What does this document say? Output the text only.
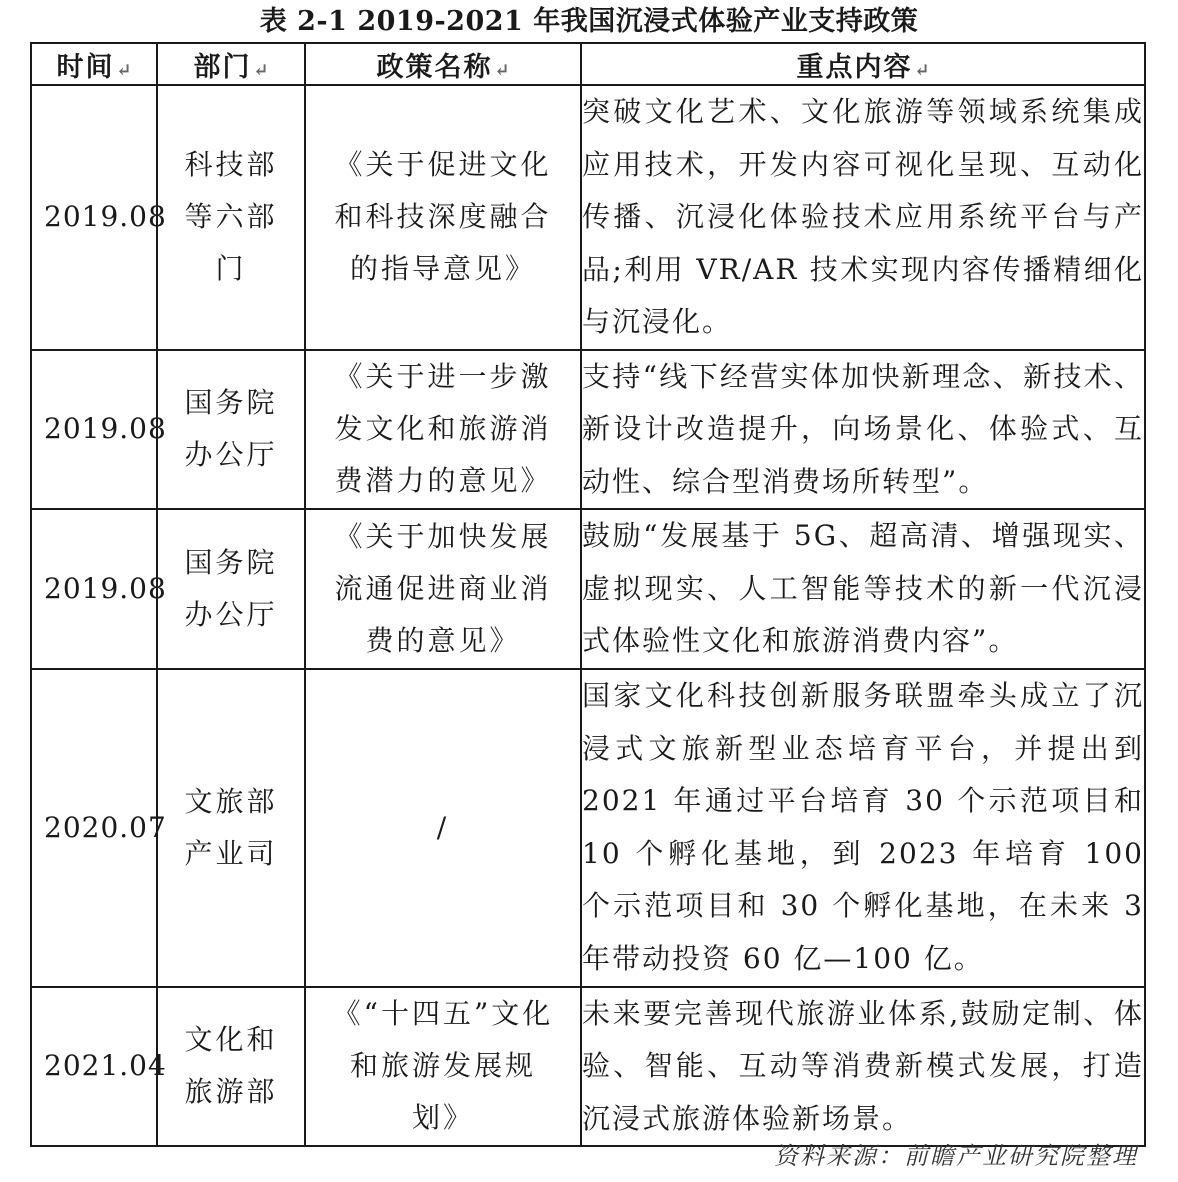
表 2-1 2019-2021 年我国沉浸式体验产业支持政策
时间 ↵	部门 ↵	政策名称 ↵	重点内容 ↵

2019.08	科技部等六部门	《关于促进文化和科技深度融合的指导意见》	突破文化艺术、文化旅游等领域系统集成应用技术，开发内容可视化呈现、互动化传播、沉浸化体验技术应用系统平台与产品;利用 VR/AR 技术实现内容传播精细化与沉浸化。

2019.08	国务院办公厅	《关于进一步激发文化和旅游消费潜力的意见》	支持“线下经营实体加快新理念、新技术、新设计改造提升，向场景化、体验式、互动性、综合型消费场所转型”。

2019.08	国务院办公厅	《关于加快发展流通促进商业消费的意见》	鼓励“发展基于 5G、超高清、增强现实、虚拟现实、人工智能等技术的新一代沉浸式体验性文化和旅游消费内容”。

2020.07	文旅部产业司	/	国家文化科技创新服务联盟牵头成立了沉浸式文旅新型业态培育平台，并提出到 2021 年通过平台培育 30 个示范项目和 10 个孵化基地，到 2023 年培育 100 个示范项目和 30 个孵化基地，在未来 3 年带动投资 60 亿—100 亿。

2021.04	文化和旅游部	《“十四五”文化和旅游发展规划》	未来要完善现代旅游业体系,鼓励定制、体验、智能、互动等消费新模式发展，打造沉浸式旅游体验新场景。
资料来源：前瞻产业研究院整理
